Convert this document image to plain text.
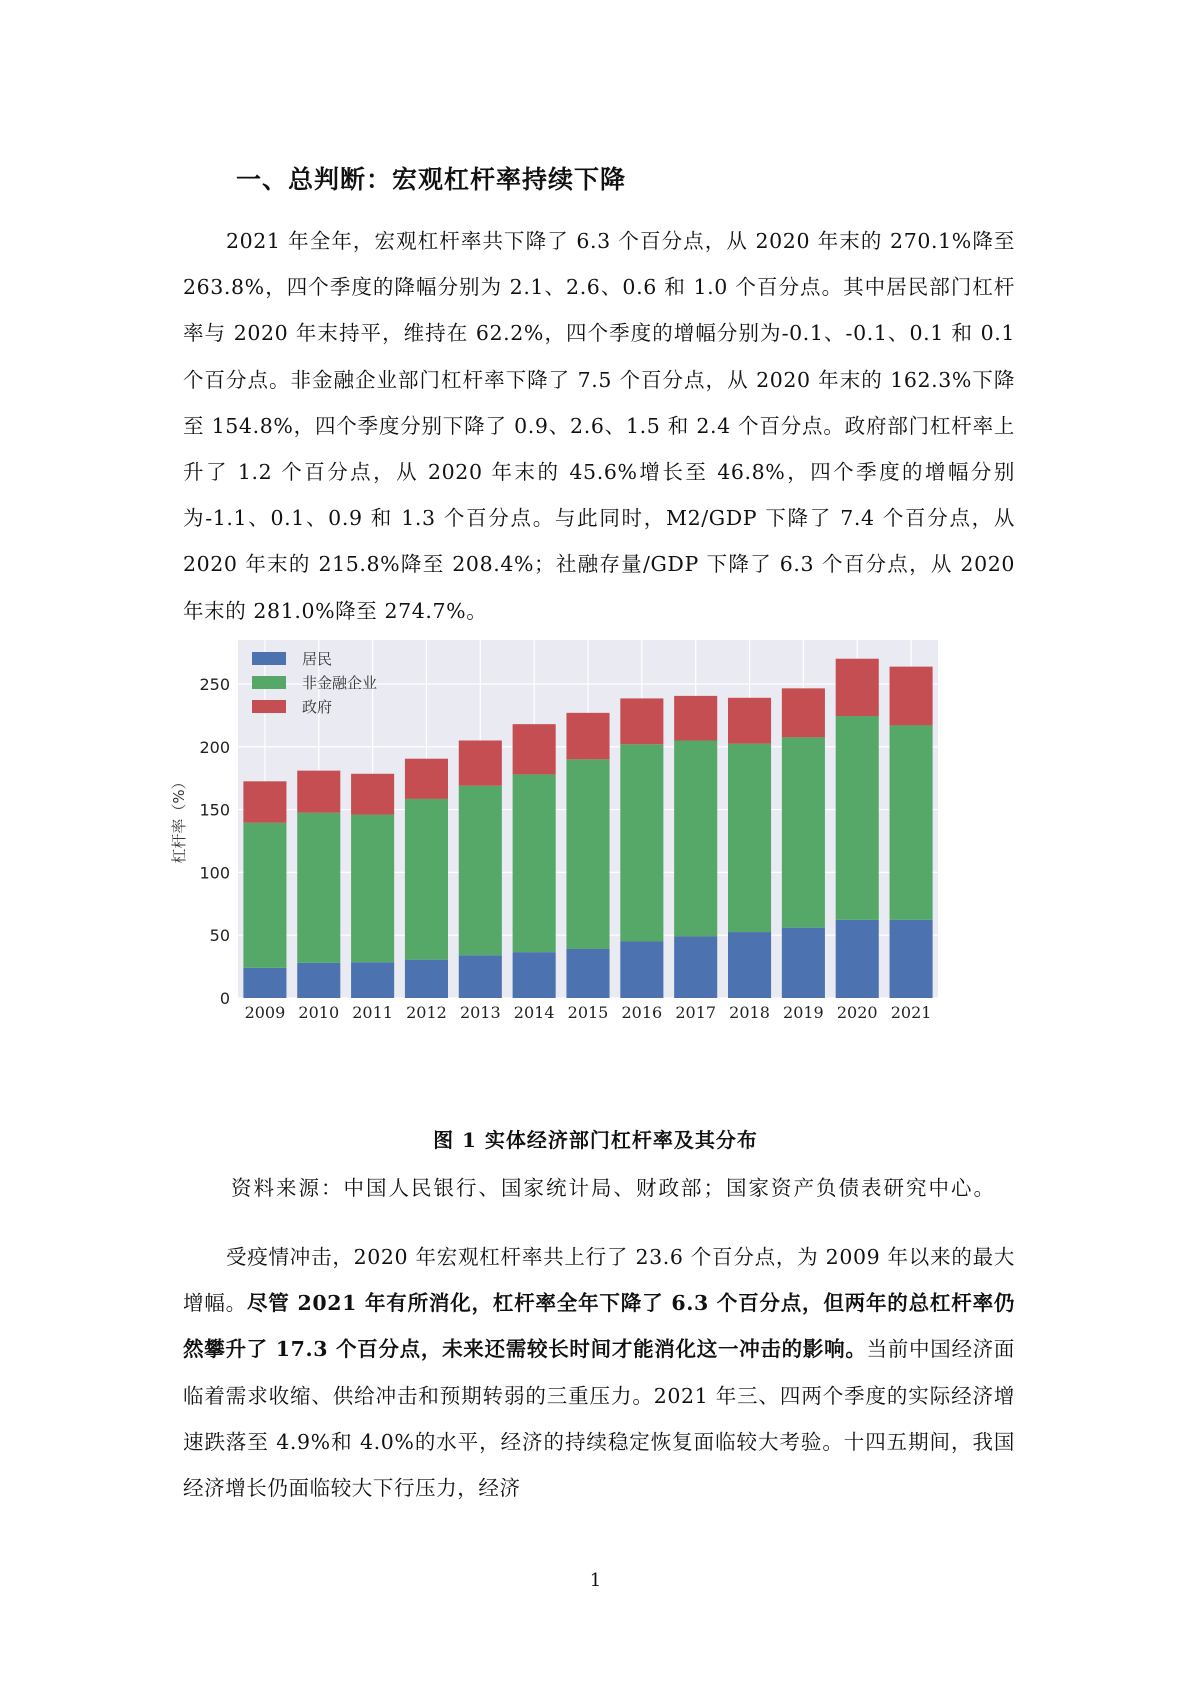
一、总判断：宏观杠杆率持续下降

2021 年全年，宏观杠杆率共下降了 6.3 个百分点，从 2020 年末的 270.1%降至 263.8%，四个季度的降幅分别为 2.1、2.6、0.6 和 1.0 个百分点。其中居民部门杠杆率与 2020 年末持平，维持在 62.2%，四个季度的增幅分别为-0.1、-0.1、0.1 和 0.1 个百分点。非金融企业部门杠杆率下降了 7.5 个百分点，从 2020 年末的 162.3%下降至 154.8%，四个季度分别下降了 0.9、2.6、1.5 和 2.4 个百分点。政府部门杠杆率上升了 1.2 个百分点，从 2020 年末的 45.6%增长至 46.8%，四个季度的增幅分别为-1.1、0.1、0.9 和 1.3 个百分点。与此同时，M2/GDP 下降了 7.4 个百分点，从 2020 年末的 215.8%降至 208.4%；社融存量/GDP 下降了 6.3 个百分点，从 2020 年末的 281.0%降至 274.7%。

0
50
100
150
200
250
2009 2010 2011 2012 2013 2014 2015 2016 2017 2018 2019 2020 2021
居民
非金融企业
政府
杠杆率（%）

图 1 实体经济部门杠杆率及其分布

资料来源：中国人民银行、国家统计局、财政部；国家资产负债表研究中心。

受疫情冲击，2020 年宏观杠杆率共上行了 23.6 个百分点，为 2009 年以来的最大增幅。尽管 2021 年有所消化，杠杆率全年下降了 6.3 个百分点，但两年的总杠杆率仍然攀升了 17.3 个百分点，未来还需较长时间才能消化这一冲击的影响。当前中国经济面临着需求收缩、供给冲击和预期转弱的三重压力。2021 年三、四两个季度的实际经济增速跌落至 4.9%和 4.0%的水平，经济的持续稳定恢复面临较大考验。十四五期间，我国经济增长仍面临较大下行压力，经济

1
